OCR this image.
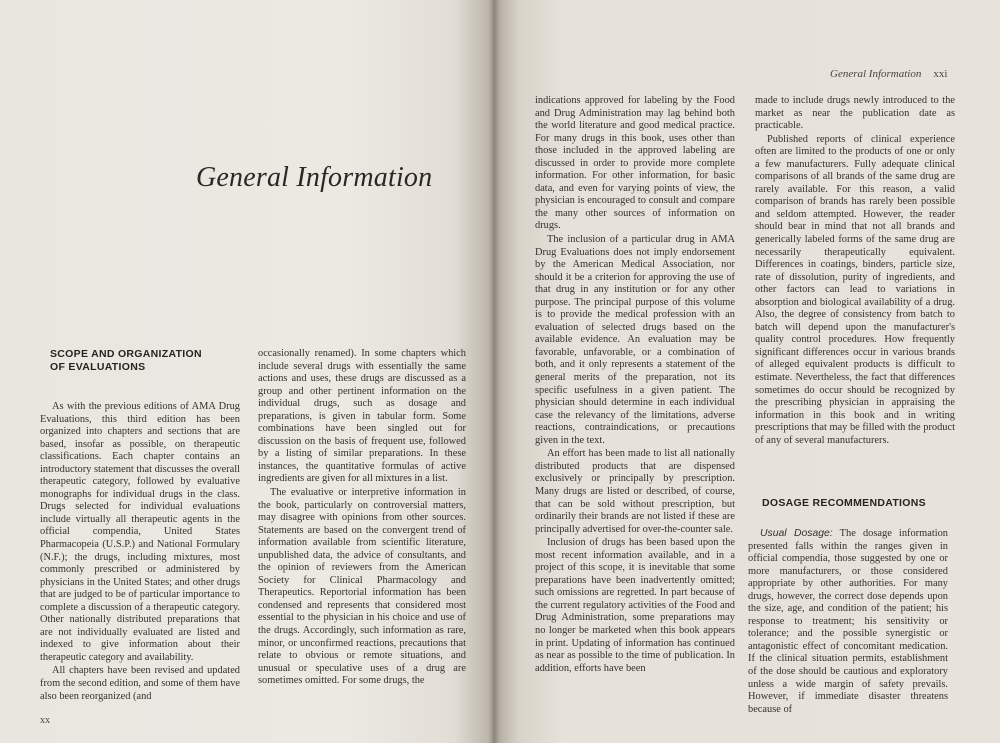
General Information
SCOPE AND ORGANIZATION
OF EVALUATIONS

As with the previous editions of AMA Drug Evaluations, this third edition has been organized into chapters and sections that are based, insofar as possible, on therapeutic classifications. Each chapter contains an introductory statement that discusses the overall therapeutic category, followed by evaluative monographs for individual drugs in the class. Drugs selected for individual evaluations include virtually all therapeutic agents in the official compendia, United States Pharmacopeia (U.S.P.) and National Formulary (N.F.); the drugs, including mixtures, most commonly prescribed or administered by physicians in the United States; and other drugs that are judged to be of particular importance to complete a discussion of a therapeutic category. Other nationally distributed preparations that are not individually evaluated are listed and indexed to give information about their therapeutic category and availability.

All chapters have been revised and updated from the second edition, and some of them have also been reorganized (and

occasionally renamed). In some chapters which include several drugs with essentially the same actions and uses, these drugs are discussed as a group and other pertinent information on the individual drugs, such as dosage and preparations, is given in tabular form. Some combinations have been singled out for discussion on the basis of frequent use, followed by a listing of similar preparations. In these instances, the quantitative formulas of active ingredients are given for all mixtures in a list.

The evaluative or interpretive information in the book, particularly on controversial matters, may disagree with opinions from other sources. Statements are based on the convergent trend of information available from scientific literature, unpublished data, the advice of consultants, and the opinion of reviewers from the American Society for Clinical Pharmacology and Therapeutics. Reportorial information has been condensed and represents that considered most essential to the physician in his choice and use of the drugs. Accordingly, such information as rare, minor, or unconfirmed reactions, precautions that relate to obvious or remote situations, and unusual or speculative uses of a drug are sometimes omitted. For some drugs, the

xx
General Information xxi

indications approved for labeling by the Food and Drug Administration may lag behind both the world literature and good medical practice. For many drugs in this book, uses other than those included in the approved labeling are discussed in order to provide more complete information. For other information, for basic data, and even for varying points of view, the physician is encouraged to consult and compare the many other sources of information on drugs.

The inclusion of a particular drug in AMA Drug Evaluations does not imply endorsement by the American Medical Association, nor should it be a criterion for approving the use of that drug in any institution or for any other purpose. The principal purpose of this volume is to provide the medical profession with an evaluation of selected drugs based on the available evidence. An evaluation may be favorable, unfavorable, or a combination of both, and it only represents a statement of the general merits of the preparation, not its specific usefulness in a given patient. The physician should determine in each individual case the relevancy of the limitations, adverse reactions, contraindications, or precautions given in the text.

An effort has been made to list all nationally distributed products that are dispensed exclusively or principally by prescription. Many drugs are listed or described, of course, that can be sold without prescription, but ordinarily their brands are not listed if these are principally advertised for over-the-counter sale.

Inclusion of drugs has been based upon the most recent information available, and in a project of this scope, it is inevitable that some preparations have been inadvertently omitted; such omissions are regretted. In part because of the current regulatory activities of the Food and Drug Administration, some preparations may no longer be marketed when this book appears in print. Updating of information has continued as near as possible to the time of publication. In addition, efforts have been

made to include drugs newly introduced to the market as near the publication date as practicable.

Published reports of clinical experience often are limited to the products of one or only a few manufacturers. Fully adequate clinical comparisons of all brands of the same drug are rarely available. For this reason, a valid comparison of brands has rarely been possible and seldom attempted. However, the reader should bear in mind that not all brands and generically labeled forms of the same drug are necessarily therapeutically equivalent. Differences in coatings, binders, particle size, rate of dissolution, purity of ingredients, and other factors can lead to variations in absorption and biological availability of a drug. Also, the degree of consistency from batch to batch will depend upon the manufacturer's quality control procedures. How frequently significant differences occur in various brands of alleged equivalent products is difficult to estimate. Nevertheless, the fact that differences sometimes do occur should be recognized by the prescribing physician in appraising the information in this book and in writing prescriptions that may be filled with the product of any of several manufacturers.

DOSAGE RECOMMENDATIONS

Usual Dosage: The dosage information presented falls within the ranges given in official compendia, those suggested by one or more manufacturers, or those considered appropriate by other authorities. For many drugs, however, the correct dose depends upon the size, age, and condition of the patient; his response to treatment; his sensitivity or tolerance; and the possible synergistic or antagonistic effect of concomitant medication. If the clinical situation permits, establishment of the dose should be cautious and exploratory unless a wide margin of safety prevails. However, if immediate disaster threatens because of
